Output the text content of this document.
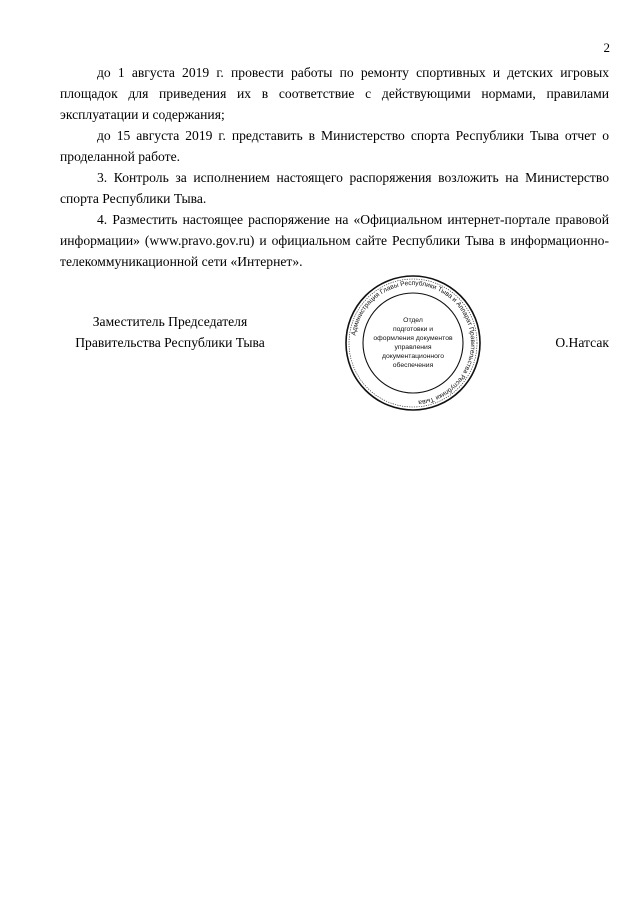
2

до 1 августа 2019 г. провести работы по ремонту спортивных и детских игровых площадок для приведения их в соответствие с действующими нормами, правилами эксплуатации и содержания;

до 15 августа 2019 г. представить в Министерство спорта Республики Тыва отчет о проделанной работе.

3. Контроль за исполнением настоящего распоряжения возложить на Министерство спорта Республики Тыва.

4. Разместить настоящее распоряжение на «Официальном интернет-портале правовой информации» (www.pravo.gov.ru) и официальном сайте Республики Тыва в информационно-телекоммуникационной сети «Интернет».

Заместитель Председателя
Правительства Республики Тыва
Администрация Главы Республики Тыва и Аппарат Правительства Республики Тыва
Отдел
подготовки и
оформления документов
управления
документационного
обеспечения
О.Натсак
